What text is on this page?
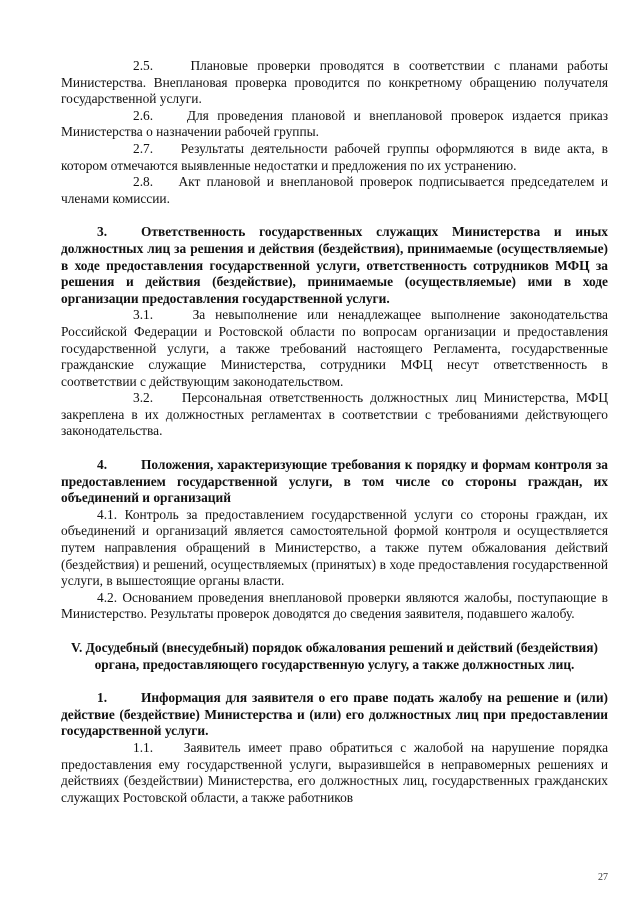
2.5.	Плановые проверки проводятся в соответствии с планами работы Министерства. Внеплановая проверка проводится по конкретному обращению получателя государственной услуги.

2.6.	Для проведения плановой и внеплановой проверок издается приказ Министерства о назначении рабочей группы.

2.7. Результаты деятельности рабочей группы оформляются в виде акта, в котором отмечаются выявленные недостатки и предложения по их устранению.

2.8. Акт плановой и внеплановой проверок подписывается председателем и членами комиссии.

3.	Ответственность государственных служащих Министерства и иных должностных лиц за решения и действия (бездействия), принимаемые (осуществляемые) в ходе предоставления государственной услуги, ответственность сотрудников МФЦ за решения и действия (бездействие), принимаемые (осуществляемые) ими в ходе организации предоставления государственной услуги.

3.1.	За невыполнение или ненадлежащее выполнение законодательства Российской Федерации и Ростовской области по вопросам организации и предоставления государственной услуги, а также требований настоящего Регламента, государственные гражданские служащие Министерства, сотрудники МФЦ несут ответственность в соответствии с действующим законодательством.

3.2. Персональная ответственность должностных лиц Министерства, МФЦ закреплена в их должностных регламентах в соответствии с требованиями действующего законодательства.

4.	Положения, характеризующие требования к порядку и формам контроля за предоставлением государственной услуги, в том числе со стороны граждан, их объединений и организаций

4.1. Контроль за предоставлением государственной услуги со стороны граждан, их объединений и организаций является самостоятельной формой контроля и осуществляется путем направления обращений в Министерство, а также путем обжалования действий (бездействия) и решений, осуществляемых (принятых) в ходе предоставления государственной услуги, в вышестоящие органы власти.

4.2. Основанием проведения внеплановой проверки являются жалобы, поступающие в Министерство. Результаты проверок доводятся до сведения заявителя, подавшего жалобу.

V. Досудебный (внесудебный) порядок обжалования решений и действий (бездействия) органа, предоставляющего государственную услугу, а также должностных лиц.

1.	Информация для заявителя о его праве подать жалобу на решение и (или) действие (бездействие) Министерства и (или) его должностных лиц при предоставлении государственной услуги.

1.1. Заявитель имеет право обратиться с жалобой на нарушение порядка предоставления ему государственной услуги, выразившейся в неправомерных решениях и действиях (бездействии) Министерства, его должностных лиц, государственных гражданских служащих Ростовской области, а также работников

27
